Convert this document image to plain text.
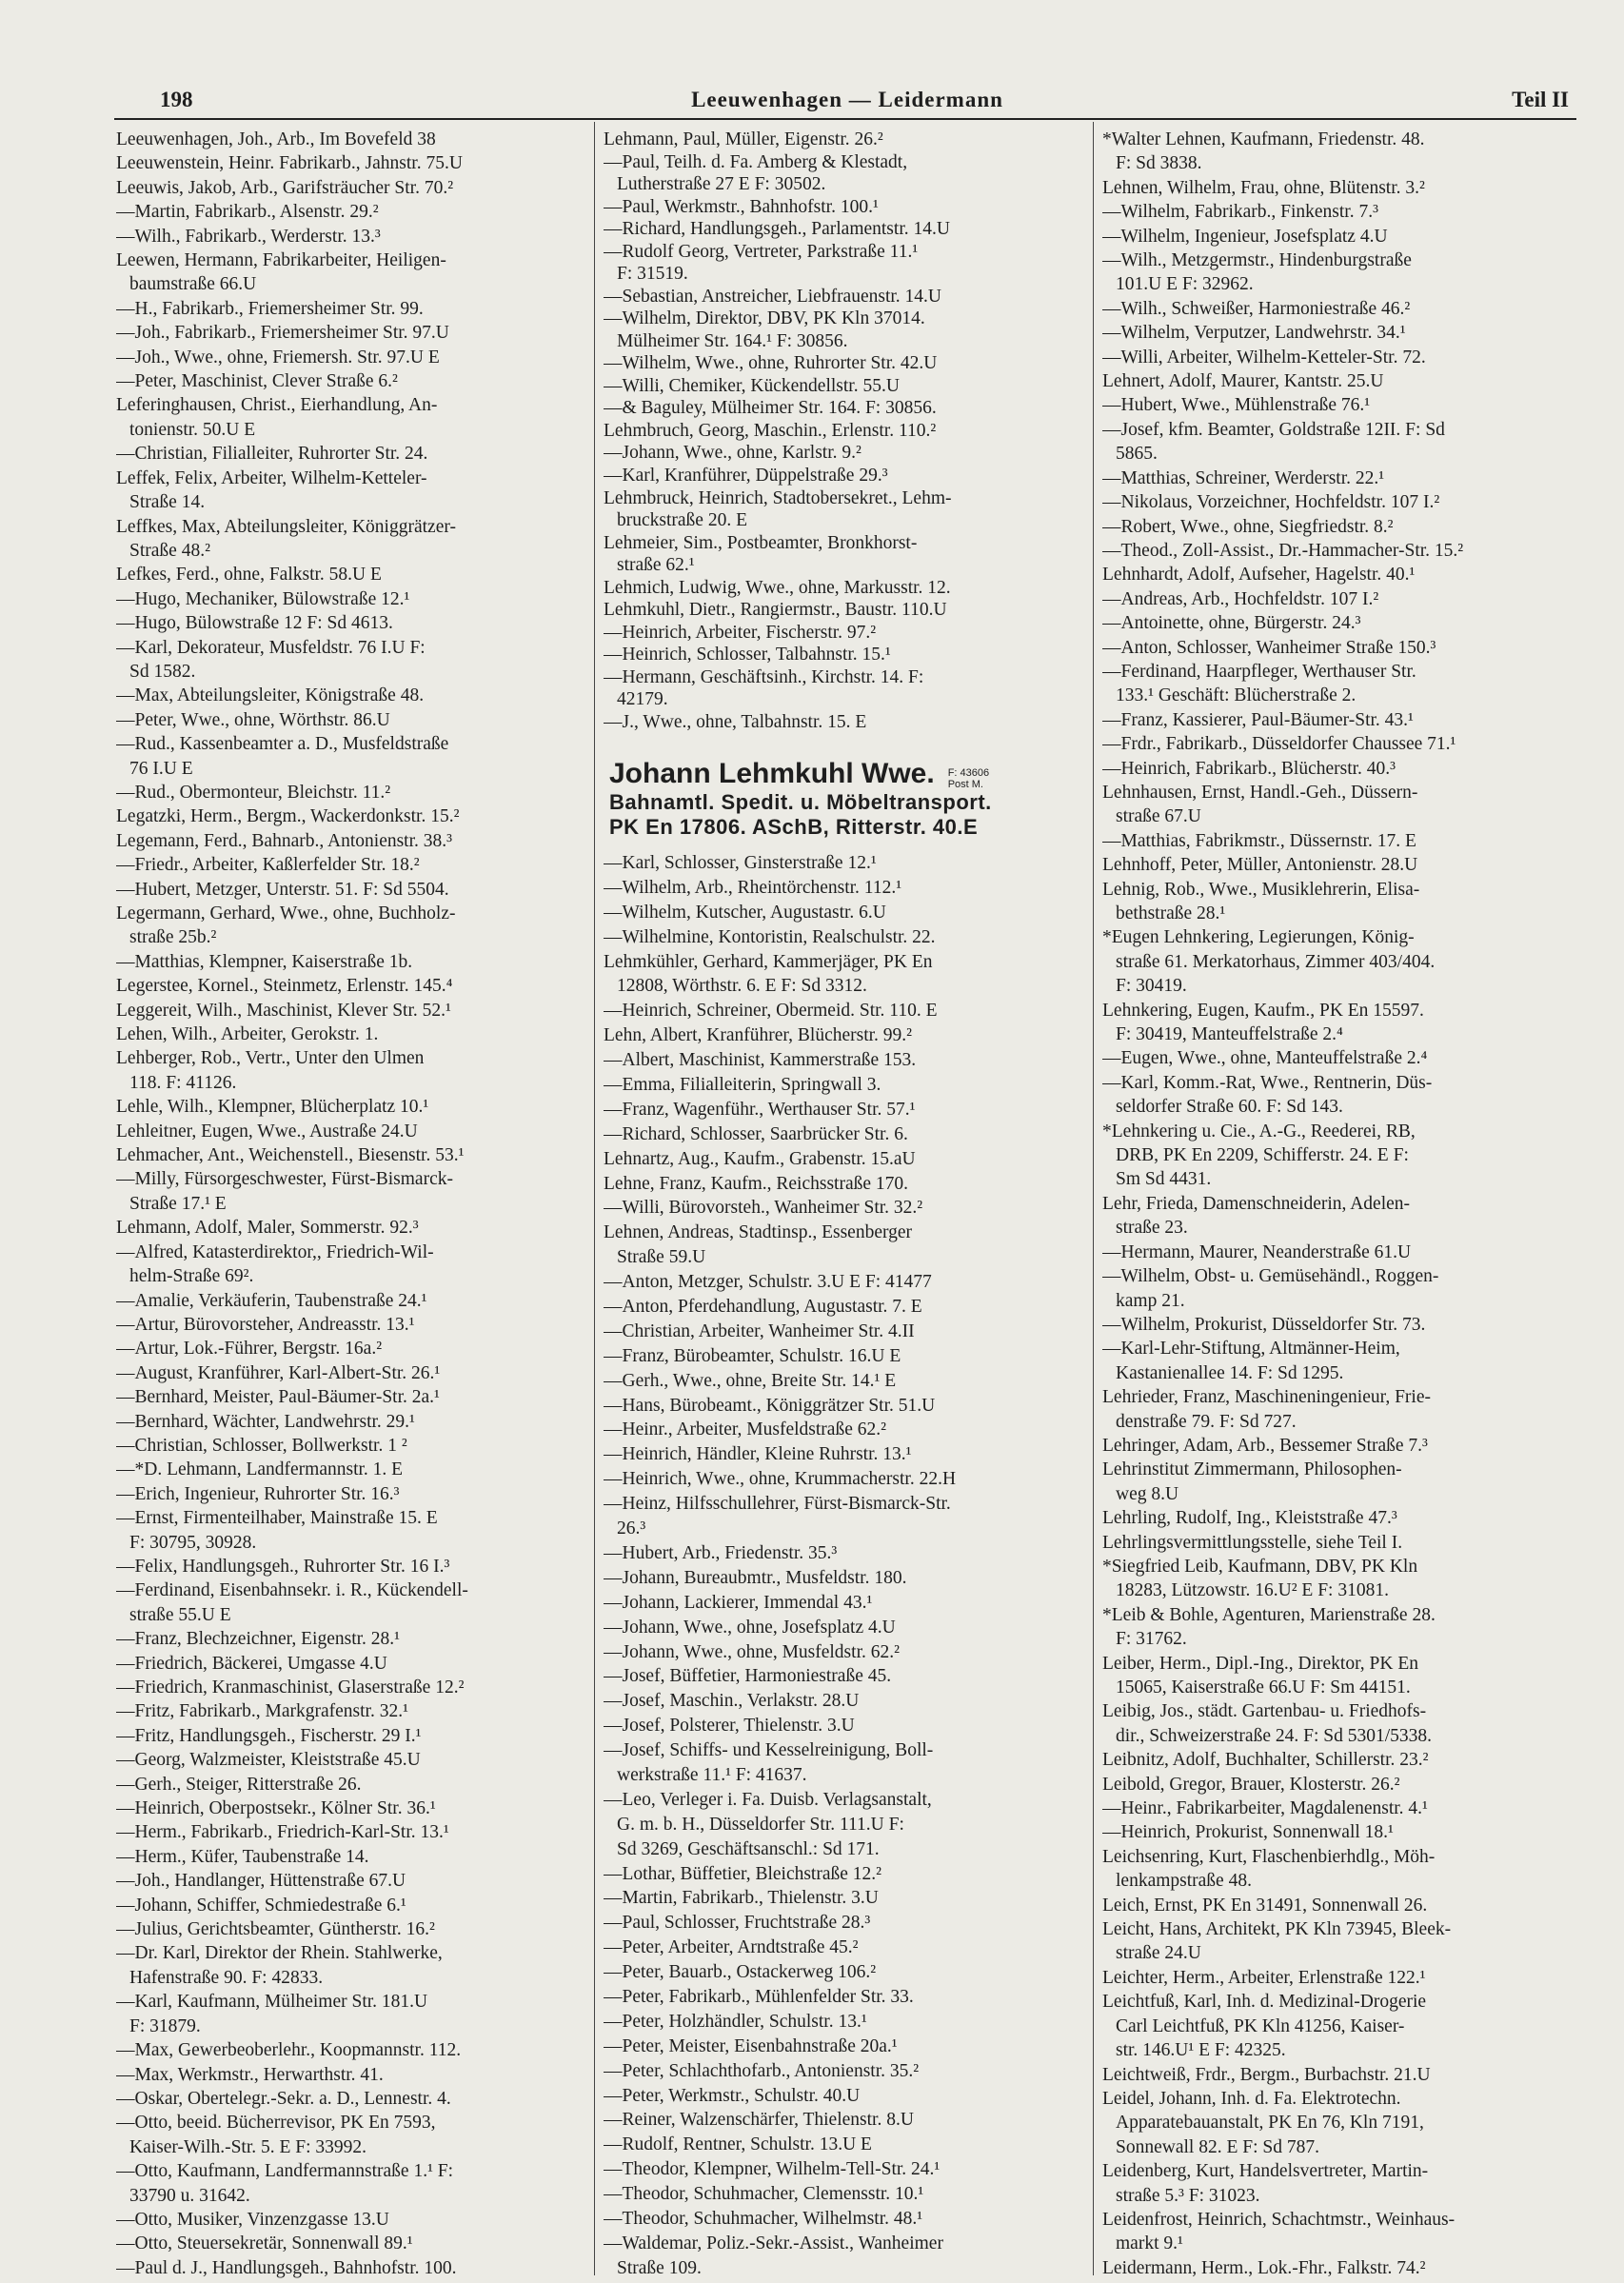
198	Leeuwenhagen — Leidermann	Teil II
Leeuwenhagen, Joh., Arb., Im Bovefeld 38
Leeuwenstein, Heinr. Fabrikarb., Jahnstr. 75.U
Leeuwis, Jakob, Arb., Garifsträucher Str. 70.²
—Martin, Fabrikarb., Alsenstr. 29.²
—Wilh., Fabrikarb., Werderstr. 13.³
Leewen, Hermann, Fabrikarbeiter, Heiligen-
baumstraße 66.U
—H., Fabrikarb., Friemersheimer Str. 99.
—Joh., Fabrikarb., Friemersheimer Str. 97.U
—Joh., Wwe., ohne, Friemersh. Str. 97.U E
—Peter, Maschinist, Clever Straße 6.²
Leferinghausen, Christ., Eierhandlung, An-
tonienstr. 50.U E
—Christian, Filialleiter, Ruhrorter Str. 24.
Leffek, Felix, Arbeiter, Wilhelm-Ketteler-
Straße 14.
Leffkes, Max, Abteilungsleiter, Königgrätzer-
Straße 48.²
Lefkes, Ferd., ohne, Falkstr. 58.U E
—Hugo, Mechaniker, Bülowstraße 12.¹
—Hugo, Bülowstraße 12 F: Sd 4613.
—Karl, Dekorateur, Musfeldstr. 76 I.U F:
Sd 1582.
—Max, Abteilungsleiter, Königstraße 48.
—Peter, Wwe., ohne, Wörthstr. 86.U
—Rud., Kassenbeamter a. D., Musfeldstraße
76 I.U E
—Rud., Obermonteur, Bleichstr. 11.²
Legatzki, Herm., Bergm., Wackerdonkstr. 15.²
Legemann, Ferd., Bahnarb., Antonienstr. 38.³
—Friedr., Arbeiter, Kaßlerfelder Str. 18.²
—Hubert, Metzger, Unterstr. 51. F: Sd 5504.
Legermann, Gerhard, Wwe., ohne, Buchholz-
straße 25b.²
—Matthias, Klempner, Kaiserstraße 1b.
Legerstee, Kornel., Steinmetz, Erlenstr. 145.⁴
Leggereit, Wilh., Maschinist, Klever Str. 52.¹
Lehen, Wilh., Arbeiter, Gerokstr. 1.
Lehberger, Rob., Vertr., Unter den Ulmen
118. F: 41126.
Lehle, Wilh., Klempner, Blücherplatz 10.¹
Lehleitner, Eugen, Wwe., Austraße 24.U
Lehmacher, Ant., Weichenstell., Biesenstr. 53.¹
—Milly, Fürsorgeschwester, Fürst-Bismarck-
Straße 17.¹ E
Lehmann, Adolf, Maler, Sommerstr. 92.³
—Alfred, Katasterdirektor,, Friedrich-Wil-
helm-Straße 69².
—Amalie, Verkäuferin, Taubenstraße 24.¹
—Artur, Bürovorsteher, Andreasstr. 13.¹
—Artur, Lok.-Führer, Bergstr. 16a.²
—August, Kranführer, Karl-Albert-Str. 26.¹
—Bernhard, Meister, Paul-Bäumer-Str. 2a.¹
—Bernhard, Wächter, Landwehrstr. 29.¹
—Christian, Schlosser, Bollwerkstr. 1 ²
—*D. Lehmann, Landfermannstr. 1. E
—Erich, Ingenieur, Ruhrorter Str. 16.³
—Ernst, Firmenteilhaber, Mainstraße 15. E
F: 30795, 30928.
—Felix, Handlungsgeh., Ruhrorter Str. 16 I.³
—Ferdinand, Eisenbahnsekr. i. R., Kückendell-
straße 55.U E
—Franz, Blechzeichner, Eigenstr. 28.¹
—Friedrich, Bäckerei, Umgasse 4.U
—Friedrich, Kranmaschinist, Glaserstraße 12.²
—Fritz, Fabrikarb., Markgrafenstr. 32.¹
—Fritz, Handlungsgeh., Fischerstr. 29 I.¹
—Georg, Walzmeister, Kleiststraße 45.U
—Gerh., Steiger, Ritterstraße 26.
—Heinrich, Oberpostsekr., Kölner Str. 36.¹
—Herm., Fabrikarb., Friedrich-Karl-Str. 13.¹
—Herm., Küfer, Taubenstraße 14.
—Joh., Handlanger, Hüttenstraße 67.U
—Johann, Schiffer, Schmiedestraße 6.¹
—Julius, Gerichtsbeamter, Güntherstr. 16.²
—Dr. Karl, Direktor der Rhein. Stahlwerke,
Hafenstraße 90. F: 42833.
—Karl, Kaufmann, Mülheimer Str. 181.U
F: 31879.
—Max, Gewerbeoberlehr., Koopmannstr. 112.
—Max, Werkmstr., Herwarthstr. 41.
—Oskar, Obertelegr.-Sekr. a. D., Lennestr. 4.
—Otto, beeid. Bücherrevisor, PK En 7593,
Kaiser-Wilh.-Str. 5. E F: 33992.
—Otto, Kaufmann, Landfermannstraße 1.¹ F:
33790 u. 31642.
—Otto, Musiker, Vinzenzgasse 13.U
—Otto, Steuersekretär, Sonnenwall 89.¹
—Paul d. J., Handlungsgeh., Bahnhofstr. 100.
Lehmann, Paul, Müller, Eigenstr. 26.²
—Paul, Teilh. d. Fa. Amberg & Klestadt,
Lutherstraße 27 E F: 30502.
—Paul, Werkmstr., Bahnhofstr. 100.¹
—Richard, Handlungsgeh., Parlamentstr. 14.U
—Rudolf Georg, Vertreter, Parkstraße 11.¹
F: 31519.
—Sebastian, Anstreicher, Liebfrauenstr. 14.U
—Wilhelm, Direktor, DBV, PK Kln 37014.
Mülheimer Str. 164.¹ F: 30856.
—Wilhelm, Wwe., ohne, Ruhrorter Str. 42.U
—Willi, Chemiker, Kückendellstr. 55.U
—& Baguley, Mülheimer Str. 164. F: 30856.
Lehmbruch, Georg, Maschin., Erlenstr. 110.²
—Johann, Wwe., ohne, Karlstr. 9.²
—Karl, Kranführer, Düppelstraße 29.³
Lehmbruck, Heinrich, Stadtobersekret., Lehm-
bruckstraße 20. E
Lehmeier, Sim., Postbeamter, Bronkhorst-
straße 62.¹
Lehmich, Ludwig, Wwe., ohne, Markusstr. 12.
Lehmkuhl, Dietr., Rangiermstr., Baustr. 110.U
—Heinrich, Arbeiter, Fischerstr. 97.²
—Heinrich, Schlosser, Talbahnstr. 15.¹
—Hermann, Geschäftsinh., Kirchstr. 14. F:
42179.
—J., Wwe., ohne, Talbahnstr. 15. E
Johann Lehmkuhl Wwe. F: 43606
Post M.
Bahnamtl. Spedit. u. Möbeltransport.
PK En 17806. ASchB, Ritterstr. 40.E
—Karl, Schlosser, Ginsterstraße 12.¹
—Wilhelm, Arb., Rheintörchenstr. 112.¹
—Wilhelm, Kutscher, Augustastr. 6.U
—Wilhelmine, Kontoristin, Realschulstr. 22.
Lehmkühler, Gerhard, Kammerjäger, PK En
12808, Wörthstr. 6. E F: Sd 3312.
—Heinrich, Schreiner, Obermeid. Str. 110. E
Lehn, Albert, Kranführer, Blücherstr. 99.²
—Albert, Maschinist, Kammerstraße 153.
—Emma, Filialleiterin, Springwall 3.
—Franz, Wagenführ., Werthauser Str. 57.¹
—Richard, Schlosser, Saarbrücker Str. 6.
Lehnartz, Aug., Kaufm., Grabenstr. 15.aU
Lehne, Franz, Kaufm., Reichsstraße 170.
—Willi, Bürovorsteh., Wanheimer Str. 32.²
Lehnen, Andreas, Stadtinsp., Essenberger
Straße 59.U
—Anton, Metzger, Schulstr. 3.U E F: 41477
—Anton, Pferdehandlung, Augustastr. 7. E
—Christian, Arbeiter, Wanheimer Str. 4.II
—Franz, Bürobeamter, Schulstr. 16.U E
—Gerh., Wwe., ohne, Breite Str. 14.¹ E
—Hans, Bürobeamt., Königgrätzer Str. 51.U
—Heinr., Arbeiter, Musfeldstraße 62.²
—Heinrich, Händler, Kleine Ruhrstr. 13.¹
—Heinrich, Wwe., ohne, Krummacherstr. 22.H
—Heinz, Hilfsschullehrer, Fürst-Bismarck-Str.
26.³
—Hubert, Arb., Friedenstr. 35.³
—Johann, Bureaubmtr., Musfeldstr. 180.
—Johann, Lackierer, Immendal 43.¹
—Johann, Wwe., ohne, Josefsplatz 4.U
—Johann, Wwe., ohne, Musfeldstr. 62.²
—Josef, Büffetier, Harmoniestraße 45.
—Josef, Maschin., Verlakstr. 28.U
—Josef, Polsterer, Thielenstr. 3.U
—Josef, Schiffs- und Kesselreinigung, Boll-
werkstraße 11.¹ F: 41637.
—Leo, Verleger i. Fa. Duisb. Verlagsanstalt,
G. m. b. H., Düsseldorfer Str. 111.U F:
Sd 3269, Geschäftsanschl.: Sd 171.
—Lothar, Büffetier, Bleichstraße 12.²
—Martin, Fabrikarb., Thielenstr. 3.U
—Paul, Schlosser, Fruchtstraße 28.³
—Peter, Arbeiter, Arndtstraße 45.²
—Peter, Bauarb., Ostackerweg 106.²
—Peter, Fabrikarb., Mühlenfelder Str. 33.
—Peter, Holzhändler, Schulstr. 13.¹
—Peter, Meister, Eisenbahnstraße 20a.¹
—Peter, Schlachthofarb., Antonienstr. 35.²
—Peter, Werkmstr., Schulstr. 40.U
—Reiner, Walzenschärfer, Thielenstr. 8.U
—Rudolf, Rentner, Schulstr. 13.U E
—Theodor, Klempner, Wilhelm-Tell-Str. 24.¹
—Theodor, Schuhmacher, Clemensstr. 10.¹
—Theodor, Schuhmacher, Wilhelmstr. 48.¹
—Waldemar, Poliz.-Sekr.-Assist., Wanheimer
Straße 109.
*Walter Lehnen, Kaufmann, Friedenstr. 48.
F: Sd 3838.
Lehnen, Wilhelm, Frau, ohne, Blütenstr. 3.²
—Wilhelm, Fabrikarb., Finkenstr. 7.³
—Wilhelm, Ingenieur, Josefsplatz 4.U
—Wilh., Metzgermstr., Hindenburgstraße
101.U E F: 32962.
—Wilh., Schweißer, Harmoniestraße 46.²
—Wilhelm, Verputzer, Landwehrstr. 34.¹
—Willi, Arbeiter, Wilhelm-Ketteler-Str. 72.
Lehnert, Adolf, Maurer, Kantstr. 25.U
—Hubert, Wwe., Mühlenstraße 76.¹
—Josef, kfm. Beamter, Goldstraße 12II. F: Sd
5865.
—Matthias, Schreiner, Werderstr. 22.¹
—Nikolaus, Vorzeichner, Hochfeldstr. 107 I.²
—Robert, Wwe., ohne, Siegfriedstr. 8.²
—Theod., Zoll-Assist., Dr.-Hammacher-Str. 15.²
Lehnhardt, Adolf, Aufseher, Hagelstr. 40.¹
—Andreas, Arb., Hochfeldstr. 107 I.²
—Antoinette, ohne, Bürgerstr. 24.³
—Anton, Schlosser, Wanheimer Straße 150.³
—Ferdinand, Haarpfleger, Werthauser Str.
133.¹ Geschäft: Blücherstraße 2.
—Franz, Kassierer, Paul-Bäumer-Str. 43.¹
—Frdr., Fabrikarb., Düsseldorfer Chaussee 71.¹
—Heinrich, Fabrikarb., Blücherstr. 40.³
Lehnhausen, Ernst, Handl.-Geh., Düssern-
straße 67.U
—Matthias, Fabrikmstr., Düssernstr. 17. E
Lehnhoff, Peter, Müller, Antonienstr. 28.U
Lehnig, Rob., Wwe., Musiklehrerin, Elisa-
bethstraße 28.¹
*Eugen Lehnkering, Legierungen, König-
straße 61. Merkatorhaus, Zimmer 403/404.
F: 30419.
Lehnkering, Eugen, Kaufm., PK En 15597.
F: 30419, Manteuffelstraße 2.⁴
—Eugen, Wwe., ohne, Manteuffelstraße 2.⁴
—Karl, Komm.-Rat, Wwe., Rentnerin, Düs-
seldorfer Straße 60. F: Sd 143.
*Lehnkering u. Cie., A.-G., Reederei, RB,
DRB, PK En 2209, Schifferstr. 24. E F:
Sm Sd 4431.
Lehr, Frieda, Damenschneiderin, Adelen-
straße 23.
—Hermann, Maurer, Neanderstraße 61.U
—Wilhelm, Obst- u. Gemüsehändl., Roggen-
kamp 21.
—Wilhelm, Prokurist, Düsseldorfer Str. 73.
—Karl-Lehr-Stiftung, Altmänner-Heim,
Kastanienallee 14. F: Sd 1295.
Lehrieder, Franz, Maschineningenieur, Frie-
denstraße 79. F: Sd 727.
Lehringer, Adam, Arb., Bessemer Straße 7.³
Lehrinstitut Zimmermann, Philosophen-
weg 8.U
Lehrling, Rudolf, Ing., Kleiststraße 47.³
Lehrlingsvermittlungsstelle, siehe Teil I.
*Siegfried Leib, Kaufmann, DBV, PK Kln
18283, Lützowstr. 16.U² E F: 31081.
*Leib & Bohle, Agenturen, Marienstraße 28.
F: 31762.
Leiber, Herm., Dipl.-Ing., Direktor, PK En
15065, Kaiserstraße 66.U F: Sm 44151.
Leibig, Jos., städt. Gartenbau- u. Friedhofs-
dir., Schweizerstraße 24. F: Sd 5301/5338.
Leibnitz, Adolf, Buchhalter, Schillerstr. 23.²
Leibold, Gregor, Brauer, Klosterstr. 26.²
—Heinr., Fabrikarbeiter, Magdalenenstr. 4.¹
—Heinrich, Prokurist, Sonnenwall 18.¹
Leichsenring, Kurt, Flaschenbierhdlg., Möh-
lenkampstraße 48.
Leich, Ernst, PK En 31491, Sonnenwall 26.
Leicht, Hans, Architekt, PK Kln 73945, Bleek-
straße 24.U
Leichter, Herm., Arbeiter, Erlenstraße 122.¹
Leichtfuß, Karl, Inh. d. Medizinal-Drogerie
Carl Leichtfuß, PK Kln 41256, Kaiser-
str. 146.U¹ E F: 42325.
Leichtweiß, Frdr., Bergm., Burbachstr. 21.U
Leidel, Johann, Inh. d. Fa. Elektrotechn.
Apparatebauanstalt, PK En 76, Kln 7191,
Sonnewall 82. E F: Sd 787.
Leidenberg, Kurt, Handelsvertreter, Martin-
straße 5.³ F: 31023.
Leidenfrost, Heinrich, Schachtmstr., Weinhaus-
markt 9.¹
Leidermann, Herm., Lok.-Fhr., Falkstr. 74.²
